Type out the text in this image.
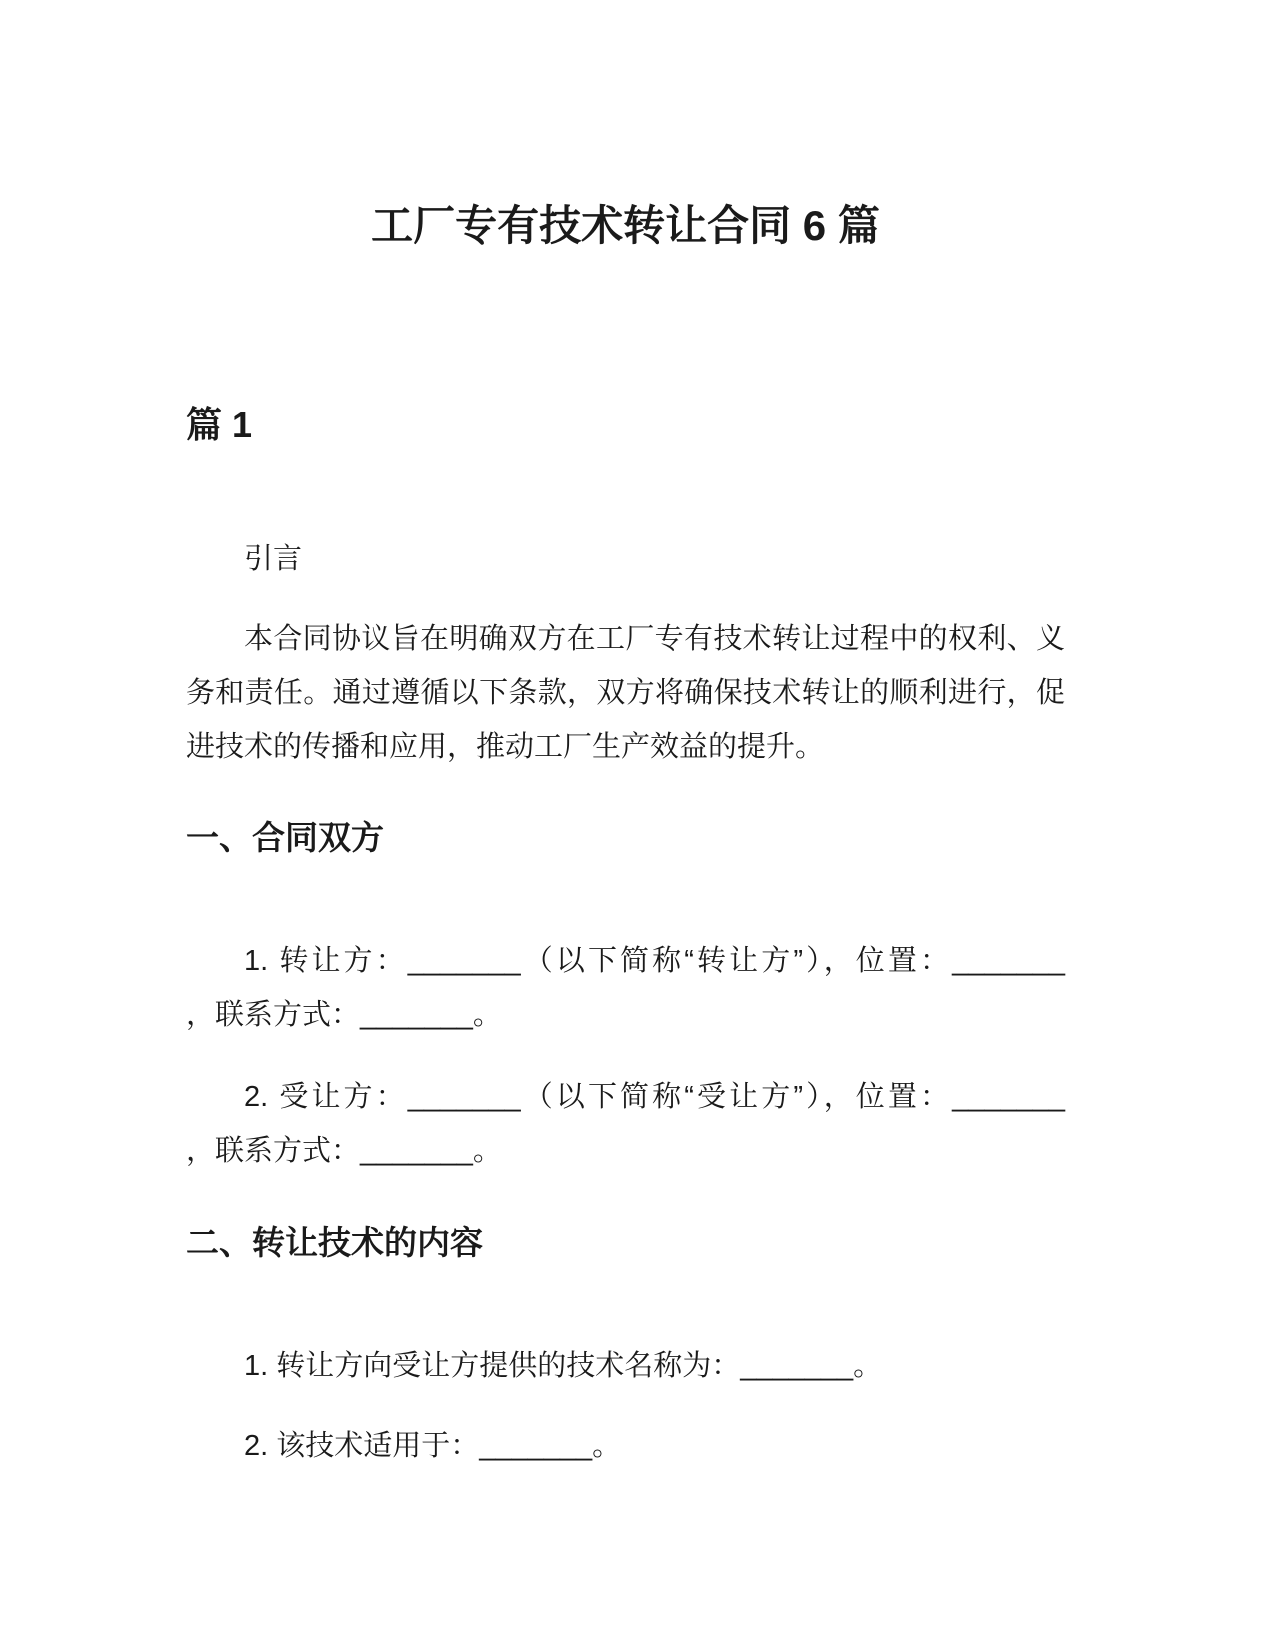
工厂专有技术转让合同 6 篇
篇 1
引言
本合同协议旨在明确双方在工厂专有技术转让过程中的权利、义
务和责任。通过遵循以下条款，双方将确保技术转让的顺利进行，促
进技术的传播和应用，推动工厂生产效益的提升。
一、合同双方
1. 转让方：_______（以下简称“转让方”），位置：_______
，联系方式：_______。
2. 受让方：_______（以下简称“受让方”），位置：_______
，联系方式：_______。
二、转让技术的内容
1. 转让方向受让方提供的技术名称为：_______。
2. 该技术适用于：_______。
